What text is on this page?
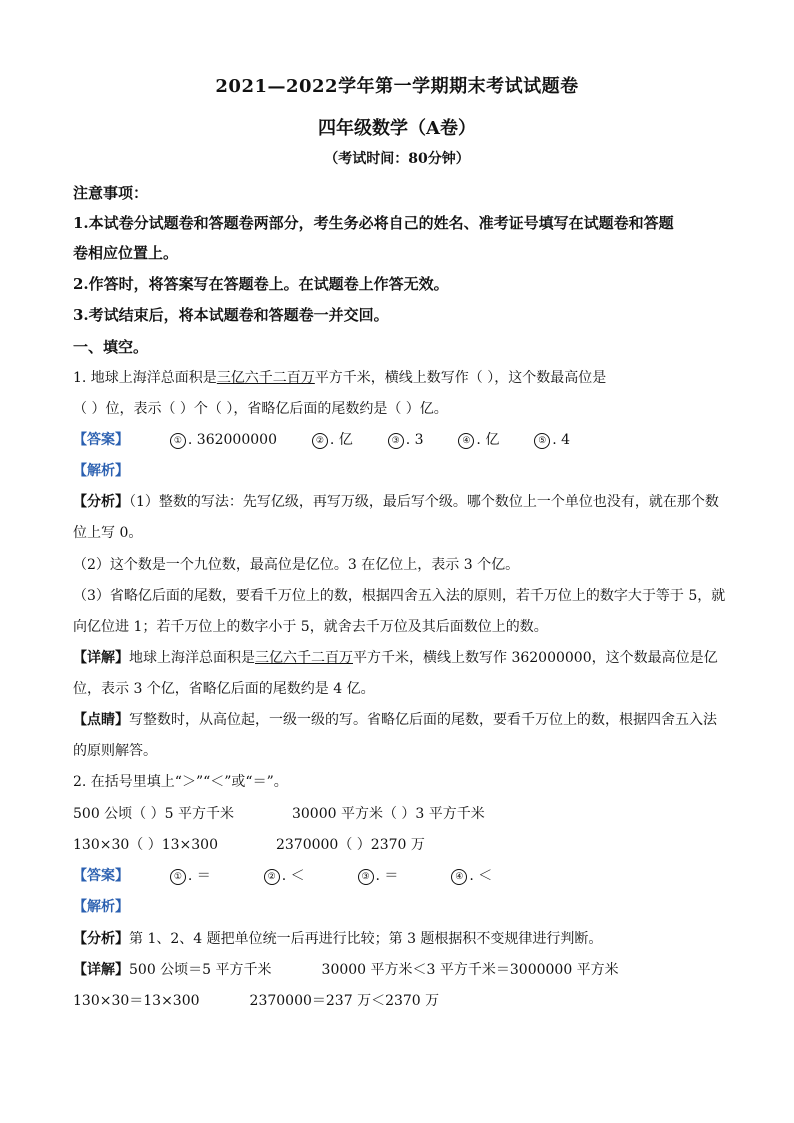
2021—2022学年第一学期期末考试试题卷
四年级数学（A卷）
（考试时间：80分钟）
注意事项：
1.本试卷分试题卷和答题卷两部分，考生务必将自己的姓名、准考证号填写在试题卷和答题
卷相应位置上。
2.作答时，将答案写在答题卷上。在试题卷上作答无效。
3.考试结束后，将本试题卷和答题卷一并交回。
一、填空。
1. 地球上海洋总面积是三亿六千二百万平方千米，横线上数写作（ ），这个数最高位是
（ ）位，表示（ ）个（ ），省略亿后面的尾数约是（ ）亿。
【答案】	① . 362000000	② . 亿	③ . 3	④ . 亿	⑤ . 4
【解析】
【分析】（1）整数的写法：先写亿级，再写万级，最后写个级。哪个数位上一个单位也没有，就在那个数
位上写 0。
（2）这个数是一个九位数，最高位是亿位。3 在亿位上，表示 3 个亿。
（3）省略亿后面的尾数，要看千万位上的数，根据四舍五入法的原则，若千万位上的数字大于等于 5，就
向亿位进 1；若千万位上的数字小于 5，就舍去千万位及其后面数位上的数。
【详解】地球上海洋总面积是三亿六千二百万平方千米，横线上数写作 362000000，这个数最高位是亿
位，表示 3 个亿，省略亿后面的尾数约是 4 亿。
【点睛】写整数时，从高位起，一级一级的写。省略亿后面的尾数，要看千万位上的数，根据四舍五入法
的原则解答。
2. 在括号里填上“＞”“＜”或“＝”。
500 公顷（ ）5 平方千米	30000 平方米（ ）3 平方千米
130×30（ ）13×300	2370000（ ）2370 万
【答案】	① . ＝	② . ＜	③ . ＝	④ . ＜
【解析】
【分析】第 1、2、4 题把单位统一后再进行比较；第 3 题根据积不变规律进行判断。
【详解】500 公顷＝5 平方千米	30000 平方米＜3 平方千米＝3000000 平方米
130×30＝13×300	2370000＝237 万＜2370 万
